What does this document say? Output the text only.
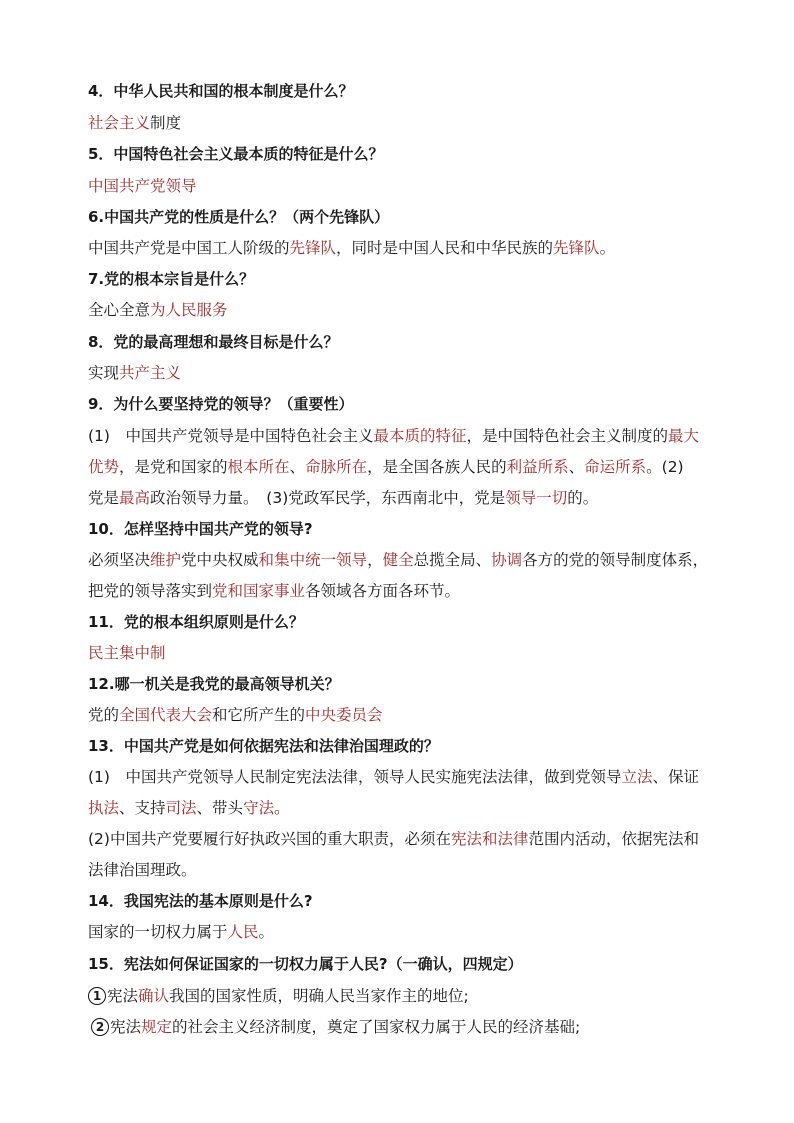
4．中华人民共和国的根本制度是什么？
社会主义制度
5．中国特色社会主义最本质的特征是什么？
中国共产党领导
6.中国共产党的性质是什么？（两个先锋队）
中国共产党是中国工人阶级的先锋队，同时是中国人民和中华民族的先锋队。
7.党的根本宗旨是什么？
全心全意为人民服务
8．党的最高理想和最终目标是什么？
实现共产主义
9．为什么要坚持党的领导？（重要性）
(1)　中国共产党领导是中国特色社会主义最本质的特征，是中国特色社会主义制度的最大
优势，是党和国家的根本所在、命脉所在，是全国各族人民的利益所系、命运所系。(2)
党是最高政治领导力量。　(3)党政军民学，东西南北中，党是领导一切的。
10．怎样坚持中国共产党的领导?
必须坚决维护党中央权威和集中统一领导，健全总揽全局、协调各方的党的领导制度体系，
把党的领导落实到党和国家事业各领域各方面各环节。
11．党的根本组织原则是什么？
民主集中制
12.哪一机关是我党的最高领导机关？
党的全国代表大会和它所产生的中央委员会
13．中国共产党是如何依据宪法和法律治国理政的？
(1)　中国共产党领导人民制定宪法法律，领导人民实施宪法法律，做到党领导立法、保证
执法、支持司法、带头守法。
(2)中国共产党要履行好执政兴国的重大职责，必须在宪法和法律范围内活动，依据宪法和
法律治国理政。
14．我国宪法的基本原则是什么?
国家的一切权力属于人民。
15．宪法如何保证国家的一切权力属于人民?（一确认，四规定）
1 宪法确认我国的国家性质，明确人民当家作主的地位;
2 宪法规定的社会主义经济制度，奠定了国家权力属于人民的经济基础;
